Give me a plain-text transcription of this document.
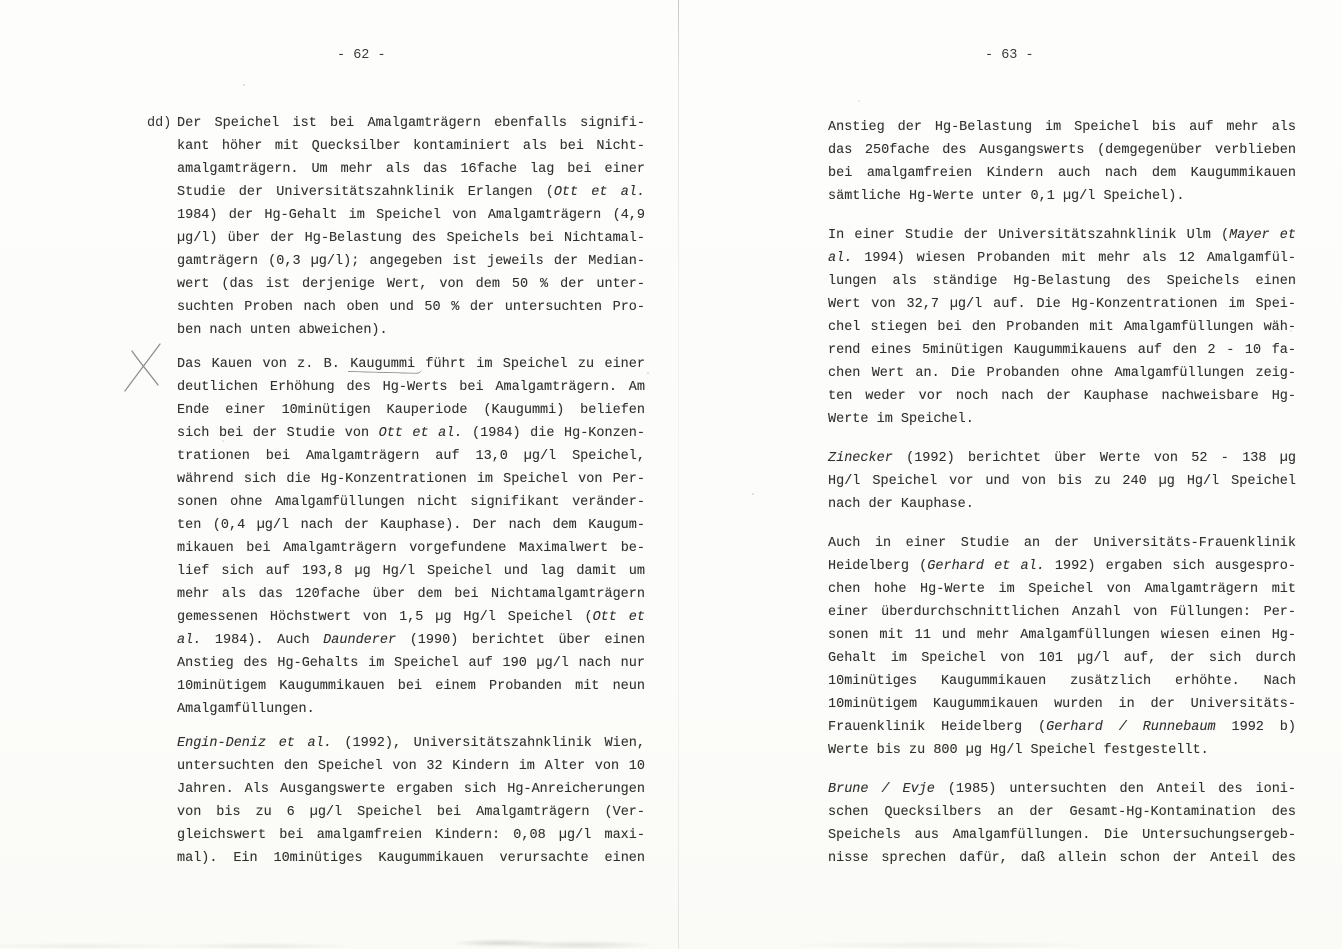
- 62 -
dd) Der Speichel ist bei Amalgamträgern ebenfalls signifi-
kant höher mit Quecksilber kontaminiert als bei Nicht-
amalgamträgern. Um mehr als das 16fache lag bei einer
Studie der Universitätszahnklinik Erlangen (Ott et al.
1984) der Hg-Gehalt im Speichel von Amalgamträgern (4,9
µg/l) über der Hg-Belastung des Speichels bei Nichtamal-
gamträgern (0,3 µg/l); angegeben ist jeweils der Median-
wert (das ist derjenige Wert, von dem 50 % der unter-
suchten Proben nach oben und 50 % der untersuchten Pro-
ben nach unten abweichen).
Das Kauen von z. B. Kaugummi führt im Speichel zu einer
deutlichen Erhöhung des Hg-Werts bei Amalgamträgern. Am
Ende einer 10minütigen Kauperiode (Kaugummi) beliefen
sich bei der Studie von Ott et al. (1984) die Hg-Konzen-
trationen bei Amalgamträgern auf 13,0 µg/l Speichel,
während sich die Hg-Konzentrationen im Speichel von Per-
sonen ohne Amalgamfüllungen nicht signifikant veränder-
ten (0,4 µg/l nach der Kauphase). Der nach dem Kaugum-
mikauen bei Amalgamträgern vorgefundene Maximalwert be-
lief sich auf 193,8 µg Hg/l Speichel und lag damit um
mehr als das 120fache über dem bei Nichtamalgamträgern
gemessenen Höchstwert von 1,5 µg Hg/l Speichel (Ott et
al. 1984). Auch Daunderer (1990) berichtet über einen
Anstieg des Hg-Gehalts im Speichel auf 190 µg/l nach nur
10minütigem Kaugummikauen bei einem Probanden mit neun
Amalgamfüllungen.
Engin-Deniz et al. (1992), Universitätszahnklinik Wien,
untersuchten den Speichel von 32 Kindern im Alter von 10
Jahren. Als Ausgangswerte ergaben sich Hg-Anreicherungen
von bis zu 6 µg/l Speichel bei Amalgamträgern (Ver-
gleichswert bei amalgamfreien Kindern: 0,08 µg/l maxi-
mal). Ein 10minütiges Kaugummikauen verursachte einen
- 63 -
Anstieg der Hg-Belastung im Speichel bis auf mehr als
das 250fache des Ausgangswerts (demgegenüber verblieben
bei amalgamfreien Kindern auch nach dem Kaugummikauen
sämtliche Hg-Werte unter 0,1 µg/l Speichel).
In einer Studie der Universitätszahnklinik Ulm (Mayer et
al. 1994) wiesen Probanden mit mehr als 12 Amalgamfül-
lungen als ständige Hg-Belastung des Speichels einen
Wert von 32,7 µg/l auf. Die Hg-Konzentrationen im Spei-
chel stiegen bei den Probanden mit Amalgamfüllungen wäh-
rend eines 5minütigen Kaugummikauens auf den 2 - 10 fa-
chen Wert an. Die Probanden ohne Amalgamfüllungen zeig-
ten weder vor noch nach der Kauphase nachweisbare Hg-
Werte im Speichel.
Zinecker (1992) berichtet über Werte von 52 - 138 µg
Hg/l Speichel vor und von bis zu 240 µg Hg/l Speichel
nach der Kauphase.
Auch in einer Studie an der Universitäts-Frauenklinik
Heidelberg (Gerhard et al. 1992) ergaben sich ausgespro-
chen hohe Hg-Werte im Speichel von Amalgamträgern mit
einer überdurchschnittlichen Anzahl von Füllungen: Per-
sonen mit 11 und mehr Amalgamfüllungen wiesen einen Hg-
Gehalt im Speichel von 101 µg/l auf, der sich durch
10minütiges Kaugummikauen zusätzlich erhöhte. Nach
10minütigem Kaugummikauen wurden in der Universitäts-
Frauenklinik Heidelberg (Gerhard / Runnebaum 1992 b)
Werte bis zu 800 µg Hg/l Speichel festgestellt.
Brune / Evje (1985) untersuchten den Anteil des ioni-
schen Quecksilbers an der Gesamt-Hg-Kontamination des
Speichels aus Amalgamfüllungen. Die Untersuchungsergeb-
nisse sprechen dafür, daß allein schon der Anteil des
